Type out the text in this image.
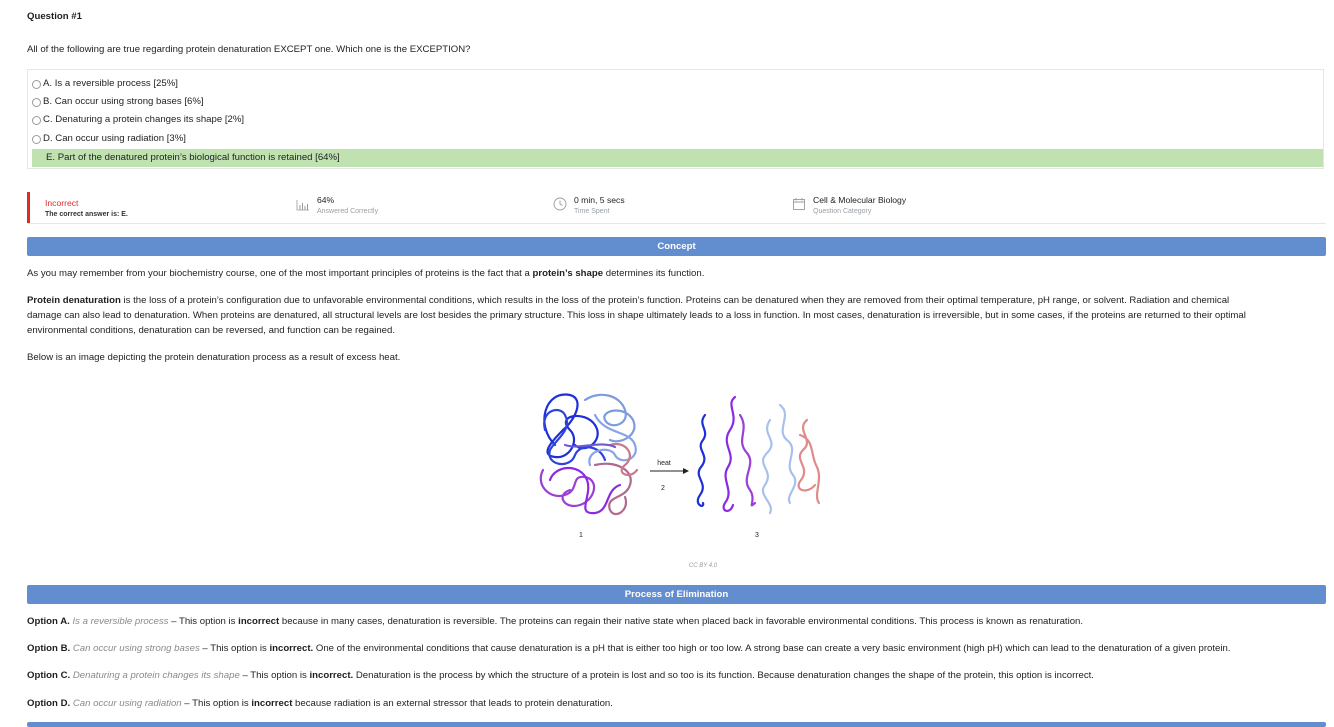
Question #1
All of the following are true regarding protein denaturation EXCEPT one. Which one is the EXCEPTION?
A. Is a reversible process [25%]
B. Can occur using strong bases [6%]
C. Denaturing a protein changes its shape [2%]
D. Can occur using radiation [3%]
E. Part of the denatured protein’s biological function is retained [64%]
Incorrect
The correct answer is: E.
64%
Answered Correctly
0 min, 5 secs
Time Spent
Cell & Molecular Biology
Question Category
Concept
As you may remember from your biochemistry course, one of the most important principles of proteins is the fact that a protein’s shape determines its function.
Protein denaturation is the loss of a protein’s configuration due to unfavorable environmental conditions, which results in the loss of the protein’s function. Proteins can be denatured when they are removed from their optimal temperature, pH range, or solvent. Radiation and chemical
damage can also lead to denaturation. When proteins are denatured, all structural levels are lost besides the primary structure. This loss in shape ultimately leads to a loss in function. In most cases, denaturation is irreversible, but in some cases, if the proteins are returned to their optimal
environmental conditions, denaturation can be reversed, and function can be regained.
Below is an image depicting the protein denaturation process as a result of excess heat.
CC BY 4.0
Process of Elimination
Option A. Is a reversible process – This option is incorrect because in many cases, denaturation is reversible. The proteins can regain their native state when placed back in favorable environmental conditions. This process is known as renaturation.
Option B. Can occur using strong bases – This option is incorrect. One of the environmental conditions that cause denaturation is a pH that is either too high or too low. A strong base can create a very basic environment (high pH) which can lead to the denaturation of a given protein.
Option C. Denaturing a protein changes its shape – This option is incorrect. Denaturation is the process by which the structure of a protein is lost and so too is its function. Because denaturation changes the shape of the protein, this option is incorrect.
Option D. Can occur using radiation – This option is incorrect because radiation is an external stressor that leads to protein denaturation.
heat
2
1	3
